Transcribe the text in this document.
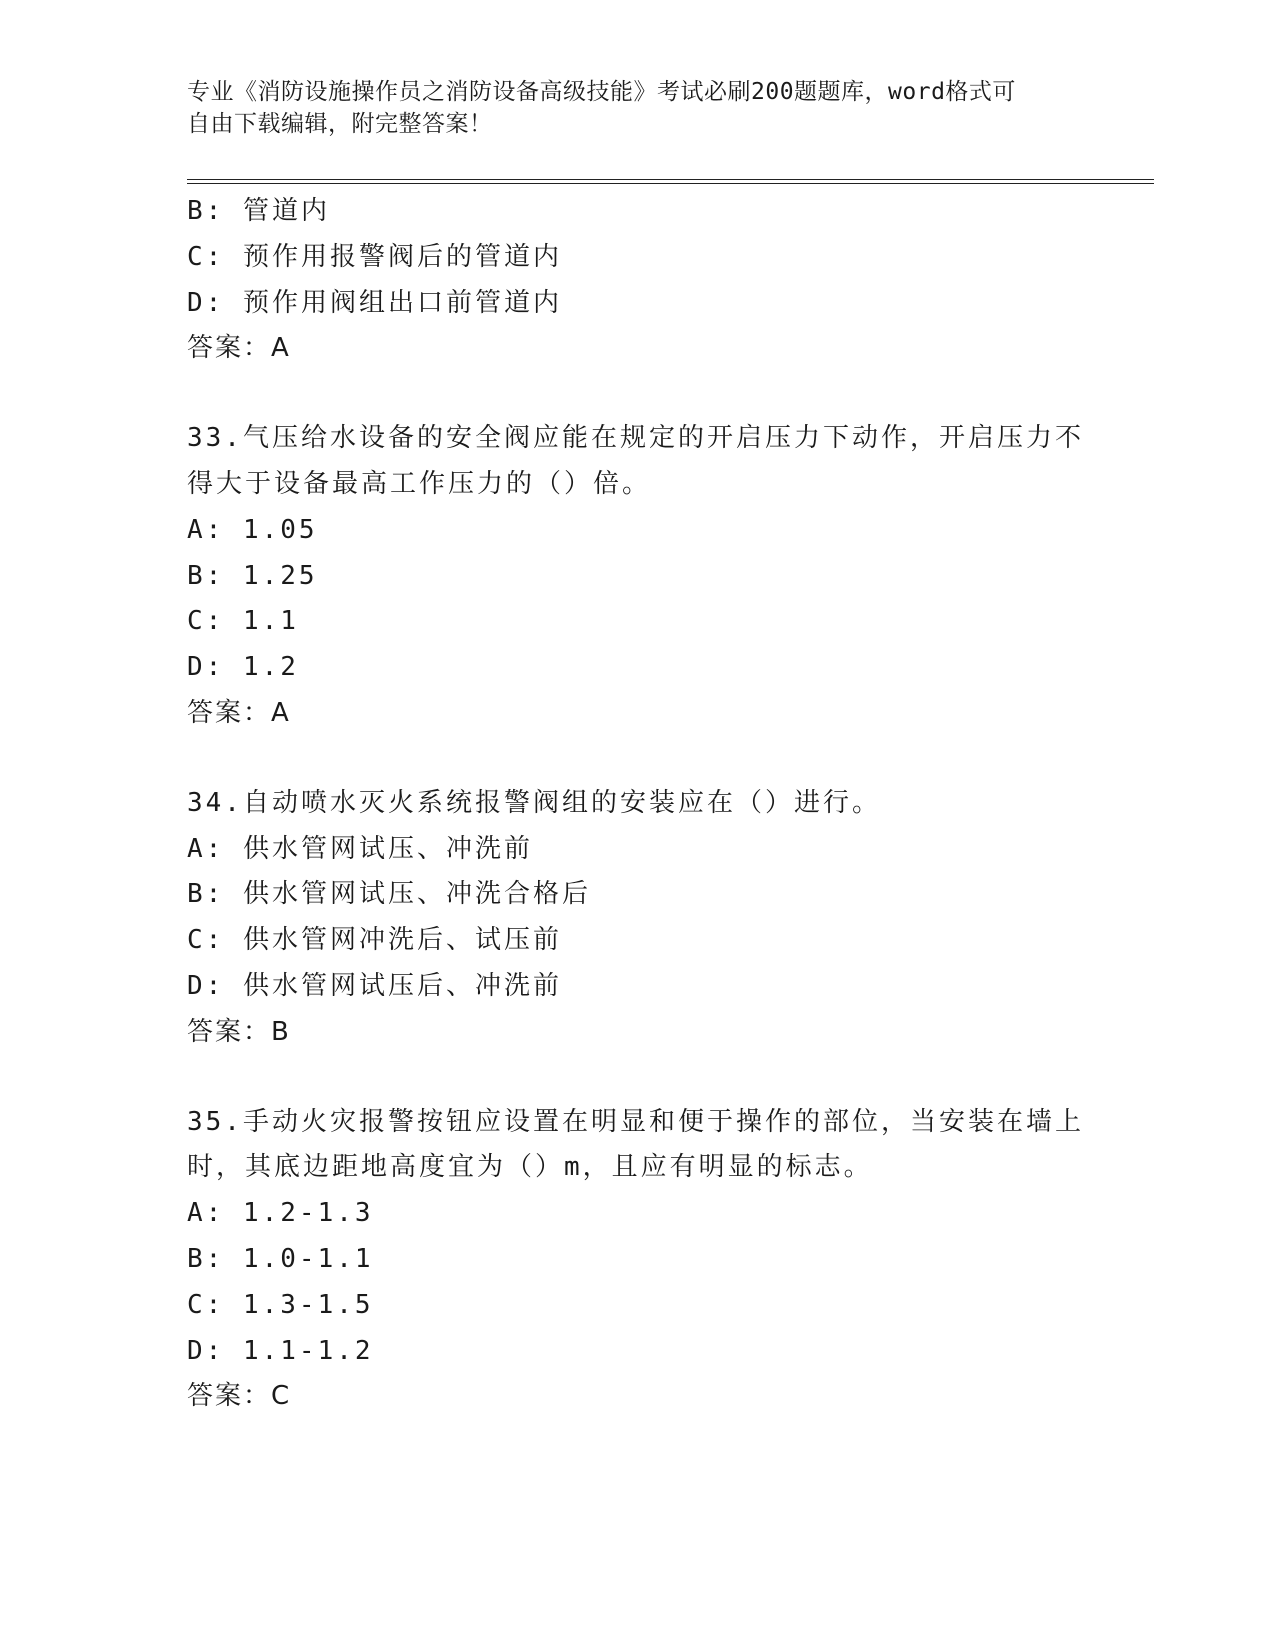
专业《消防设施操作员之消防设备高级技能》考试必刷200题题库，word格式可
自由下载编辑，附完整答案！
B: 管道内
C: 预作用报警阀后的管道内
D: 预作用阀组出口前管道内
答案：A
33.气压给水设备的安全阀应能在规定的开启压力下动作，开启压力不
得大于设备最高工作压力的（）倍。
A: 1.05
B: 1.25
C: 1.1
D: 1.2
答案：A
34.自动喷水灭火系统报警阀组的安装应在（）进行。
A: 供水管网试压、冲洗前
B: 供水管网试压、冲洗合格后
C: 供水管网冲洗后、试压前
D: 供水管网试压后、冲洗前
答案：B
35.手动火灾报警按钮应设置在明显和便于操作的部位，当安装在墙上
时，其底边距地高度宜为（）m，且应有明显的标志。
A: 1.2-1.3
B: 1.0-1.1
C: 1.3-1.5
D: 1.1-1.2
答案：C
